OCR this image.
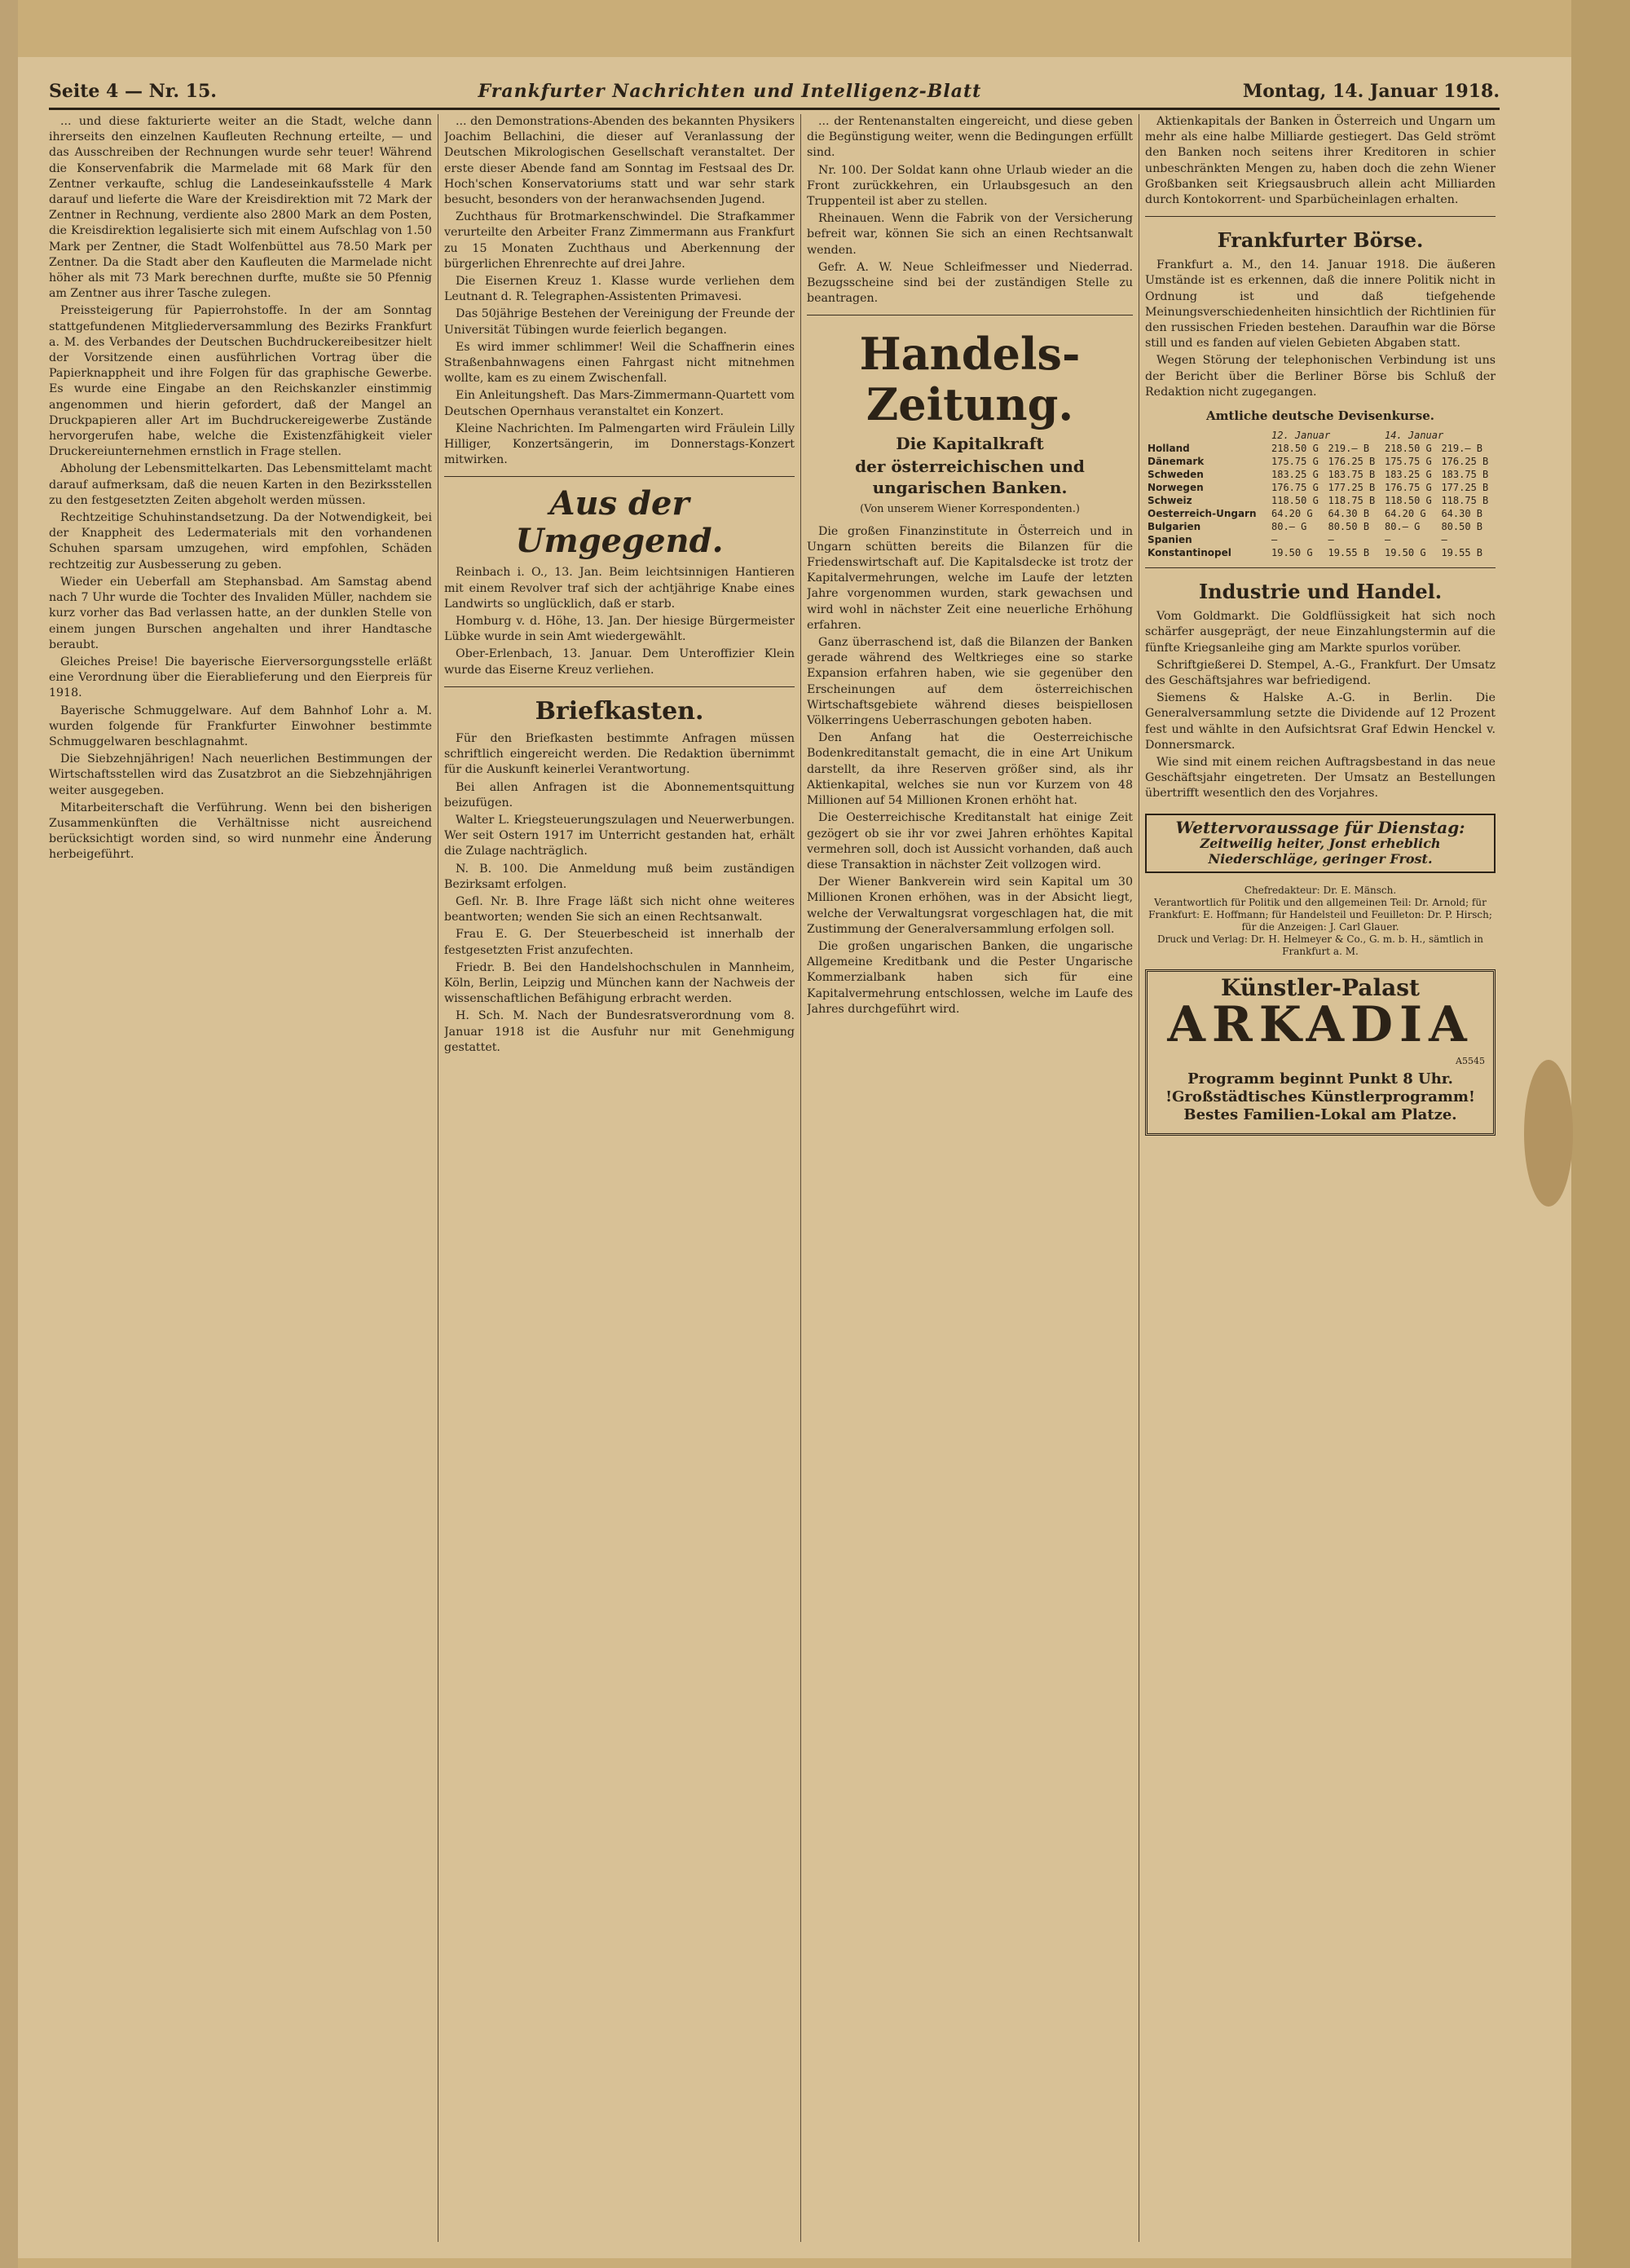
Seite 4 — Nr. 15.	Frankfurter Nachrichten und Intelligenz-Blatt	Montag, 14. Januar 1918.

... und diese fakturierte weiter an die Stadt, welche dann ihrerseits den einzelnen Kaufleuten Rechnung erteilte, — und das Ausschreiben der Rechnungen wurde sehr teuer! Während die Konservenfabrik die Marmelade mit 68 Mark für den Zentner verkaufte, schlug die Landeseinkaufsstelle 4 Mark darauf und lieferte die Ware der Kreisdirektion mit 72 Mark der Zentner in Rechnung, verdiente also 2800 Mark an dem Posten, die Kreisdirektion legalisierte sich mit einem Aufschlag von 1.50 Mark per Zentner, die Stadt Wolfenbüttel aus 78.50 Mark per Zentner. Da die Stadt aber den Kaufleuten die Marmelade nicht höher als mit 73 Mark berechnen durfte, mußte sie 50 Pfennig am Zentner aus ihrer Tasche zulegen.

Preissteigerung für Papierrohstoffe. In der am Sonntag stattgefundenen Mitgliederversammlung des Bezirks Frankfurt a. M. des Verbandes der Deutschen Buchdruckereibesitzer hielt der Vorsitzende einen ausführlichen Vortrag über die Papierknappheit und ihre Folgen für das graphische Gewerbe. Es wurde eine Eingabe an den Reichskanzler einstimmig angenommen und hierin gefordert, daß der Mangel an Druckpapieren aller Art im Buchdruckereigewerbe Zustände hervorgerufen habe, welche die Existenzfähigkeit vieler Druckereiunternehmen ernstlich in Frage stellen.

Abholung der Lebensmittelkarten. Das Lebensmittelamt macht darauf aufmerksam, daß die neuen Karten in den Bezirksstellen zu den festgesetzten Zeiten abgeholt werden müssen.

Rechtzeitige Schuhinstandsetzung. Da der Notwendigkeit, bei der Knappheit des Ledermaterials mit den vorhandenen Schuhen sparsam umzugehen, wird empfohlen, Schäden rechtzeitig zur Ausbesserung zu geben.

Wieder ein Ueberfall am Stephansbad. Am Samstag abend nach 7 Uhr wurde die Tochter des Invaliden Müller, nachdem sie kurz vorher das Bad verlassen hatte, an der dunklen Stelle von einem jungen Burschen angehalten und ihrer Handtasche beraubt.

Gleiches Preise! Die bayerische Eierversorgungsstelle erläßt eine Verordnung über die Eierablieferung und den Eierpreis für 1918.

Bayerische Schmuggelware. Auf dem Bahnhof Lohr a. M. wurden folgende für Frankfurter Einwohner bestimmte Schmuggelwaren beschlagnahmt.

Die Siebzehnjährigen! Nach neuerlichen Bestimmungen der Wirtschaftsstellen wird das Zusatzbrot an die Siebzehnjährigen weiter ausgegeben.

Mitarbeiterschaft die Verführung. Wenn bei den bisherigen Zusammenkünften die Verhältnisse nicht ausreichend berücksichtigt worden sind, so wird nunmehr eine Änderung herbeigeführt.

... den Demonstrations-Abenden des bekannten Physikers Joachim Bellachini, die dieser auf Veranlassung der Deutschen Mikrologischen Gesellschaft veranstaltet. Der erste dieser Abende fand am Sonntag im Festsaal des Dr. Hoch'schen Konservatoriums statt und war sehr stark besucht, besonders von der heranwachsenden Jugend.

Zuchthaus für Brotmarkenschwindel. Die Strafkammer verurteilte den Arbeiter Franz Zimmermann aus Frankfurt zu 15 Monaten Zuchthaus und Aberkennung der bürgerlichen Ehrenrechte auf drei Jahre.

Die Eisernen Kreuz 1. Klasse wurde verliehen dem Leutnant d. R. Telegraphen-Assistenten Primavesi.

Das 50jährige Bestehen der Vereinigung der Freunde der Universität Tübingen wurde feierlich begangen.

Es wird immer schlimmer! Weil die Schaffnerin eines Straßenbahnwagens einen Fahrgast nicht mitnehmen wollte, kam es zu einem Zwischenfall.

Ein Anleitungsheft. Das Mars-Zimmermann-Quartett vom Deutschen Opernhaus veranstaltet ein Konzert.

Kleine Nachrichten. Im Palmengarten wird Fräulein Lilly Hilliger, Konzertsängerin, im Donnerstags-Konzert mitwirken.

Aus der Umgegend.

Reinbach i. O., 13. Jan. Beim leichtsinnigen Hantieren mit einem Revolver traf sich der achtjährige Knabe eines Landwirts so unglücklich, daß er starb.

Homburg v. d. Höhe, 13. Jan. Der hiesige Bürgermeister Lübke wurde in sein Amt wiedergewählt.

Ober-Erlenbach, 13. Januar. Dem Unteroffizier Klein wurde das Eiserne Kreuz verliehen.

Briefkasten.

Für den Briefkasten bestimmte Anfragen müssen schriftlich eingereicht werden. Die Redaktion übernimmt für die Auskunft keinerlei Verantwortung.

Bei allen Anfragen ist die Abonnementsquittung beizufügen.

Walter L. Kriegsteuerungszulagen und Neuerwerbungen. Wer seit Ostern 1917 im Unterricht gestanden hat, erhält die Zulage nachträglich.

N. B. 100. Die Anmeldung muß beim zuständigen Bezirksamt erfolgen.

Gefl. Nr. B. Ihre Frage läßt sich nicht ohne weiteres beantworten; wenden Sie sich an einen Rechtsanwalt.

Frau E. G. Der Steuerbescheid ist innerhalb der festgesetzten Frist anzufechten.

Friedr. B. Bei den Handelshochschulen in Mannheim, Köln, Berlin, Leipzig und München kann der Nachweis der wissenschaftlichen Befähigung erbracht werden.

H. Sch. M. Nach der Bundesratsverordnung vom 8. Januar 1918 ist die Ausfuhr nur mit Genehmigung gestattet.

... der Rentenanstalten eingereicht, und diese geben die Begünstigung weiter, wenn die Bedingungen erfüllt sind.

Nr. 100. Der Soldat kann ohne Urlaub wieder an die Front zurückkehren, ein Urlaubsgesuch an den Truppenteil ist aber zu stellen.

Rheinauen. Wenn die Fabrik von der Versicherung befreit war, können Sie sich an einen Rechtsanwalt wenden.

Gefr. A. W. Neue Schleifmesser und Niederrad. Bezugsscheine sind bei der zuständigen Stelle zu beantragen.

Handels-Zeitung.
Die Kapitalkraft
der österreichischen und ungarischen Banken.
(Von unserem Wiener Korrespondenten.)

Die großen Finanzinstitute in Österreich und in Ungarn schütten bereits die Bilanzen für die Friedenswirtschaft auf. Die Kapitalsdecke ist trotz der Kapitalvermehrungen, welche im Laufe der letzten Jahre vorgenommen wurden, stark gewachsen und wird wohl in nächster Zeit eine neuerliche Erhöhung erfahren.

Ganz überraschend ist, daß die Bilanzen der Banken gerade während des Weltkrieges eine so starke Expansion erfahren haben, wie sie gegenüber den Erscheinungen auf dem österreichischen Wirtschaftsgebiete während dieses beispiellosen Völkerringens Ueberraschungen geboten haben.

Den Anfang hat die Oesterreichische Bodenkreditanstalt gemacht, die in eine Art Unikum darstellt, da ihre Reserven größer sind, als ihr Aktienkapital, welches sie nun vor Kurzem von 48 Millionen auf 54 Millionen Kronen erhöht hat.

Die Oesterreichische Kreditanstalt hat einige Zeit gezögert ob sie ihr vor zwei Jahren erhöhtes Kapital vermehren soll, doch ist Aussicht vorhanden, daß auch diese Transaktion in nächster Zeit vollzogen wird.

Der Wiener Bankverein wird sein Kapital um 30 Millionen Kronen erhöhen, was in der Absicht liegt, welche der Verwaltungsrat vorgeschlagen hat, die mit Zustimmung der Generalversammlung erfolgen soll.

Die großen ungarischen Banken, die ungarische Allgemeine Kreditbank und die Pester Ungarische Kommerzialbank haben sich für eine Kapitalvermehrung entschlossen, welche im Laufe des Jahres durchgeführt wird.

Aktienkapitals der Banken in Österreich und Ungarn um mehr als eine halbe Milliarde gestiegert. Das Geld strömt den Banken noch seitens ihrer Kreditoren in schier unbeschränkten Mengen zu, haben doch die zehn Wiener Großbanken seit Kriegsausbruch allein acht Milliarden durch Kontokorrent- und Sparbücheinlagen erhalten.

Frankfurter Börse.

Frankfurt a. M., den 14. Januar 1918. Die äußeren Umstände ist es erkennen, daß die innere Politik nicht in Ordnung ist und daß tiefgehende Meinungsverschiedenheiten hinsichtlich der Richtlinien für den russischen Frieden bestehen. Daraufhin war die Börse still und es fanden auf vielen Gebieten Abgaben statt.

Wegen Störung der telephonischen Verbindung ist uns der Bericht über die Berliner Börse bis Schluß der Redaktion nicht zugegangen.

Amtliche deutsche Devisenkurse.
	12. Januar		14. Januar	
Holland	218.50 G	219.— B	218.50 G	219.— B
Dänemark	175.75 G	176.25 B	175.75 G	176.25 B
Schweden	183.25 G	183.75 B	183.25 G	183.75 B
Norwegen	176.75 G	177.25 B	176.75 G	177.25 B
Schweiz	118.50 G	118.75 B	118.50 G	118.75 B
Oesterreich-Ungarn	64.20 G	64.30 B	64.20 G	64.30 B
Bulgarien	80.— G	80.50 B	80.— G	80.50 B
Spanien	—	—	—	—
Konstantinopel	19.50 G	19.55 B	19.50 G	19.55 B
Industrie und Handel.

Vom Goldmarkt. Die Goldflüssigkeit hat sich noch schärfer ausgeprägt, der neue Einzahlungstermin auf die fünfte Kriegsanleihe ging am Markte spurlos vorüber.

Schriftgießerei D. Stempel, A.-G., Frankfurt. Der Umsatz des Geschäftsjahres war befriedigend.

Siemens & Halske A.-G. in Berlin. Die Generalversammlung setzte die Dividende auf 12 Prozent fest und wählte in den Aufsichtsrat Graf Edwin Henckel v. Donnersmarck.

Wie sind mit einem reichen Auftragsbestand in das neue Geschäftsjahr eingetreten. Der Umsatz an Bestellungen übertrifft wesentlich den des Vorjahres.

Wettervoraussage für Dienstag:
Zeitweilig heiter, Jonst erheblich Niederschläge, geringer Frost.
Chefredakteur: Dr. E. Mänsch.
Verantwortlich für Politik und den allgemeinen Teil: Dr. Arnold; für Frankfurt: E. Hoffmann; für Handelsteil und Feuilleton: Dr. P. Hirsch; für die Anzeigen: J. Carl Glauer.
Druck und Verlag: Dr. H. Helmeyer & Co., G. m. b. H., sämtlich in Frankfurt a. M.
Künstler-Palast
ARKADIA
A5545
Programm beginnt Punkt 8 Uhr.
!Großstädtisches Künstlerprogramm!
Bestes Familien-Lokal am Platze.
